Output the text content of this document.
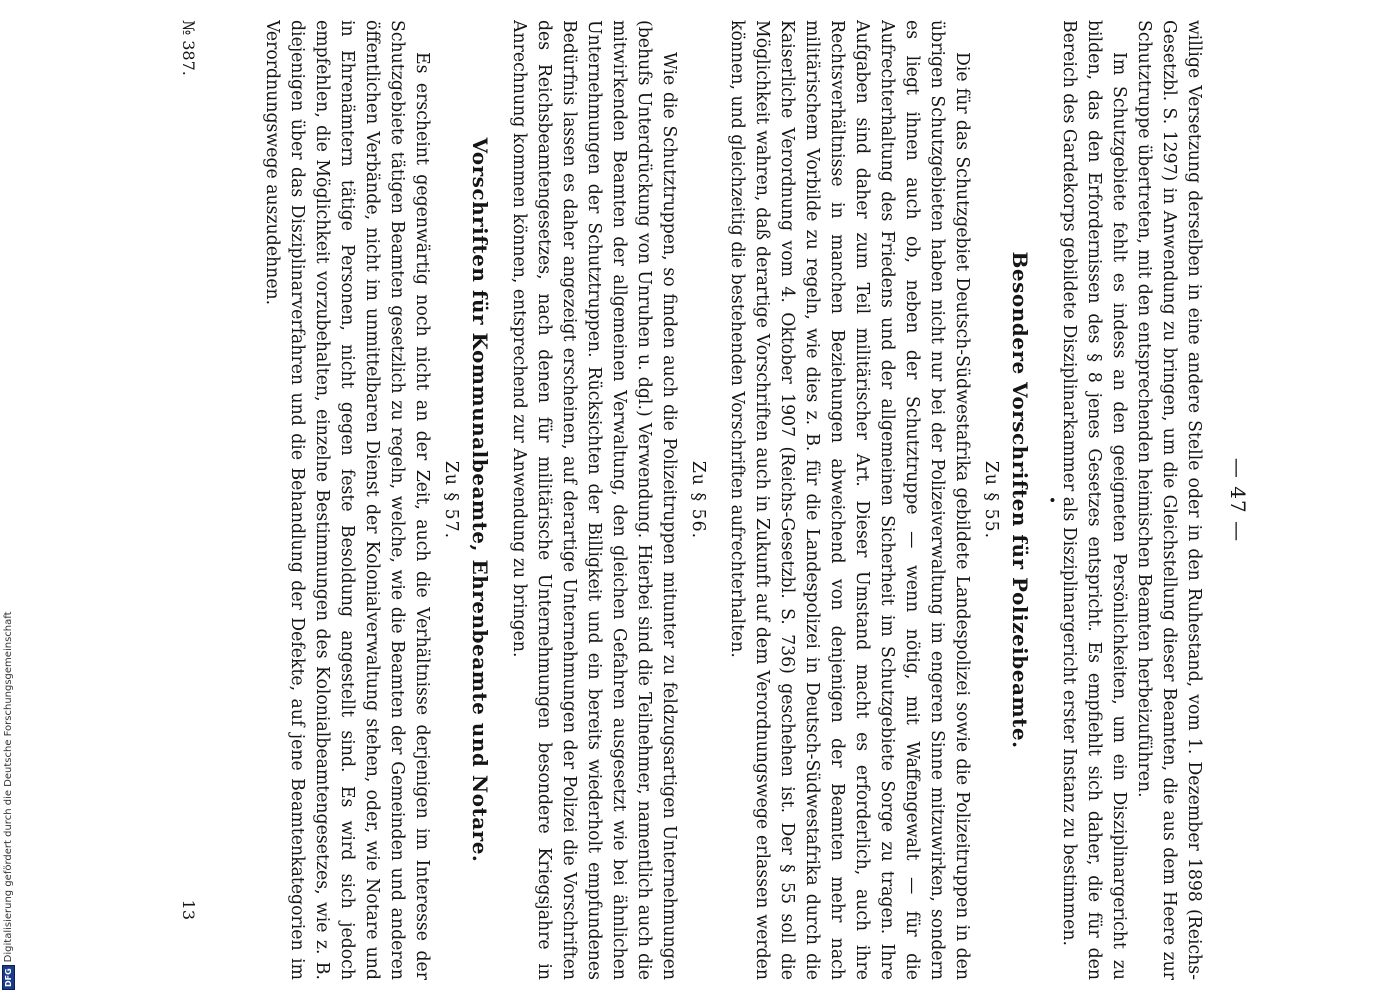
— 47 —

willige Versetzung derselben in eine andere Stelle oder in den Ruhestand, vom 1. Dezember 1898 (Reichs-Gesetzbl. S. 1297) in Anwendung zu bringen, um die Gleichstellung dieser Beamten, die aus dem Heere zur Schutztruppe übertreten, mit den entsprechenden heimischen Beamten herbeizuführen.

Im Schutzgebiete fehlt es indess an den geeigneten Persönlichkeiten, um ein Disziplinargericht zu bilden, das den Erfordernissen des § 8 jenes Gesetzes entspricht. Es empfiehlt sich daher, die für den Bereich des Gardekorps gebildete Disziplinarkammer als Disziplinargericht erster Instanz zu bestimmen.

•
Besondere Vorschriften für Polizeibeamte.
Zu § 55.

Die für das Schutzgebiet Deutsch-Südwestafrika gebildete Landespolizei sowie die Polizeitruppen in den übrigen Schutzgebieten haben nicht nur bei der Polizeiverwaltung im engeren Sinne mitzuwirken, sondern es liegt ihnen auch ob, neben der Schutztruppe — wenn nötig, mit Waffengewalt — für die Aufrechterhaltung des Friedens und der allgemeinen Sicherheit im Schutzgebiete Sorge zu tragen. Ihre Aufgaben sind daher zum Teil militärischer Art. Dieser Umstand macht es erforderlich, auch ihre Rechtsverhältnisse in manchen Beziehungen abweichend von denjenigen der Beamten mehr nach militärischem Vorbilde zu regeln, wie dies z. B. für die Landespolizei in Deutsch-Südwestafrika durch die Kaiserliche Verordnung vom 4. Oktober 1907 (Reichs-Gesetzbl. S. 736) geschehen ist. Der § 55 soll die Möglichkeit wahren, daß derartige Vorschriften auch in Zukunft auf dem Verordnungswege erlassen werden können, und gleichzeitig die bestehenden Vorschriften aufrechterhalten.

Zu § 56.

Wie die Schutztruppen, so finden auch die Polizeitruppen mitunter zu feldzugsartigen Unternehmungen (behufs Unterdrückung von Unruhen u. dgl.) Verwendung. Hierbei sind die Teilnehmer, namentlich auch die mitwirkenden Beamten der allgemeinen Verwaltung, den gleichen Gefahren ausgesetzt wie bei ähnlichen Unternehmungen der Schutztruppen. Rücksichten der Billigkeit und ein bereits wiederholt empfundenes Bedürfnis lassen es daher angezeigt erscheinen, auf derartige Unternehmungen der Polizei die Vorschriften des Reichsbeamtengesetzes, nach denen für militärische Unternehmungen besondere Kriegsjahre in Anrechnung kommen können, entsprechend zur Anwendung zu bringen.

Vorschriften für Kommunalbeamte, Ehrenbeamte und Notare.
Zu § 57.

Es erscheint gegenwärtig noch nicht an der Zeit, auch die Verhältnisse derjenigen im Interesse der Schutzgebiete tätigen Beamten gesetzlich zu regeln, welche, wie die Beamten der Gemeinden und anderen öffentlichen Verbände, nicht im unmittelbaren Dienst der Kolonialverwaltung stehen, oder, wie Notare und in Ehrenämtern tätige Personen, nicht gegen feste Besoldung angestellt sind. Es wird sich jedoch empfehlen, die Möglichkeit vorzubehalten, einzelne Bestimmungen des Kolonialbeamtengesetzes, wie z. B. diejenigen über das Disziplinarverfahren und die Behandlung der Defekte, auf jene Beamtenkategorien im Verordnungswege auszudehnen.

№ 387.
13
DFG
Digitalisierung gefördert durch die Deutsche Forschungsgemeinschaft
